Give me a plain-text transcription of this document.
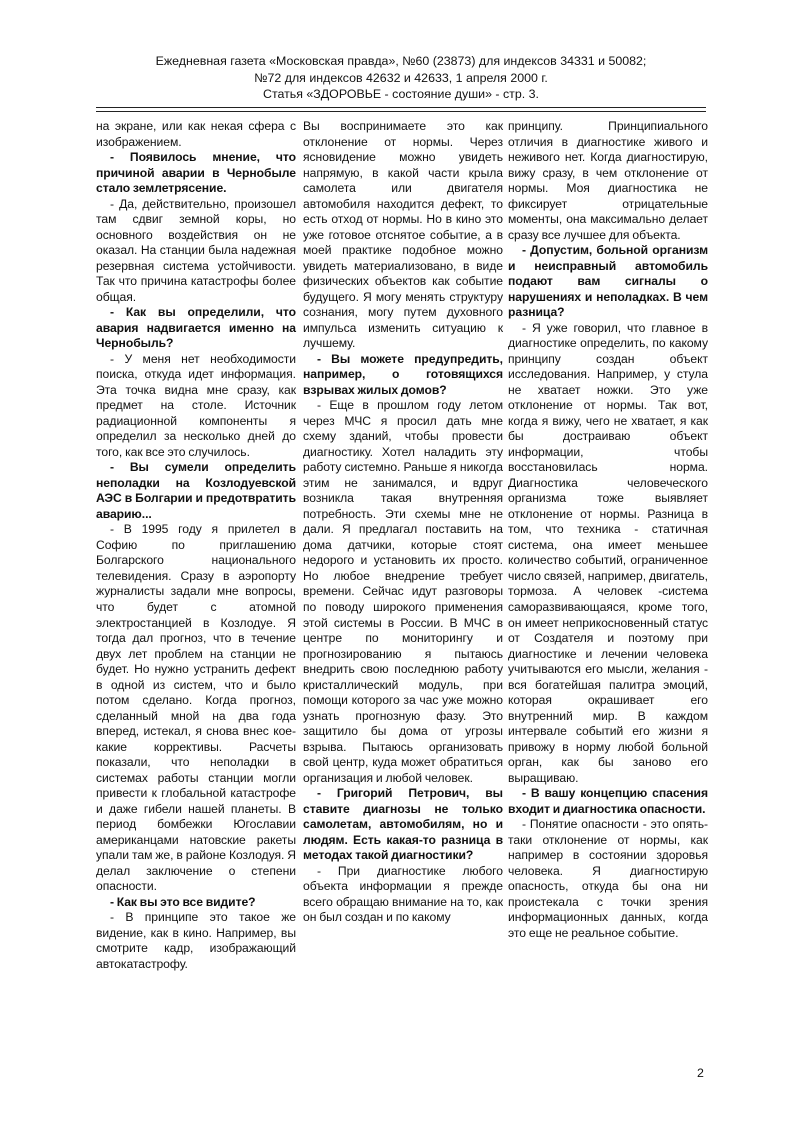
Ежедневная газета «Московская правда», №60 (23873) для индексов 34331 и 50082;
№72 для индексов 42632 и 42633, 1 апреля 2000 г.
Статья «ЗДОРОВЬЕ - состояние души» - стр. 3.

на экране, или как некая сфера с изображением.

- Появилось мнение, что причиной аварии в Чернобыле стало землетрясение.

- Да, действительно, произошел там сдвиг земной коры, но основного воздействия он не оказал. На станции была надежная резервная система устойчивости. Так что причина катастрофы более общая.

- Как вы определили, что авария надвигается именно на Чернобыль?

- У меня нет необходимости поиска, откуда идет информация. Эта точка видна мне сразу, как предмет на столе. Источник радиационной компоненты я определил за несколько дней до того, как все это случилось.

- Вы сумели определить неполадки на Козлодуевской АЭС в Болгарии и предотвратить аварию...

- В 1995 году я прилетел в Софию по приглашению Болгарского национального телевидения. Сразу в аэропорту журналисты задали мне вопросы, что будет с атомной электростанцией в Козлодуе. Я тогда дал прогноз, что в течение двух лет проблем на станции не будет. Но нужно устранить дефект в одной из систем, что и было потом сделано. Когда прогноз, сделанный мной на два года вперед, истекал, я снова внес кое-какие коррективы. Расчеты показали, что неполадки в системах работы станции могли привести к глобальной катастрофе и даже гибели нашей планеты. В период бомбежки Югославии американцами натовские ракеты упали там же, в районе Козлодуя. Я делал заключение о степени опасности.

- Как вы это все видите?

- В принципе это такое же видение, как в кино. Например, вы смотрите кадр, изображающий автокатастрофу.

Вы воспринимаете это как отклонение от нормы. Через ясновидение можно увидеть напрямую, в какой части крыла самолета или двигателя автомобиля находится дефект, то есть отход от нормы. Но в кино это уже готовое отснятое событие, а в моей практике подобное можно увидеть материализовано, в виде физических объектов как событие будущего. Я могу менять структуру сознания, могу путем духовного импульса изменить ситуацию к лучшему.

- Вы можете предупредить, например, о готовящихся взрывах жилых домов?

- Еще в прошлом году летом через МЧС я просил дать мне схему зданий, чтобы провести диагностику. Хотел наладить эту работу системно. Раньше я никогда этим не занимался, и вдруг возникла такая внутренняя потребность. Эти схемы мне не дали. Я предлагал поставить на дома датчики, которые стоят недорого и установить их просто. Но любое внедрение требует времени. Сейчас идут разговоры по поводу широкого применения этой системы в России. В МЧС в центре по мониторингу и прогнозированию я пытаюсь внедрить свою последнюю работу кристаллический модуль, при помощи которого за час уже можно узнать прогнозную фазу. Это защитило бы дома от угрозы взрыва. Пытаюсь организовать свой центр, куда может обратиться организация и любой человек.

- Григорий Петрович, вы ставите диагнозы не только самолетам, автомобилям, но и людям. Есть какая-то разница в методах такой диагностики?

- При диагностике любого объекта информации я прежде всего обращаю внимание на то, как он был создан и по какому

принципу. Принципиального отличия в диагностике живого и неживого нет. Когда диагностирую, вижу сразу, в чем отклонение от нормы. Моя диагностика не фиксирует отрицательные моменты, она максимально делает сразу все лучшее для объекта.

- Допустим, больной организм и неисправный автомобиль подают вам сигналы о нарушениях и неполадках. В чем разница?

- Я уже говорил, что главное в диагностике определить, по какому принципу создан объект исследования. Например, у стула не хватает ножки. Это уже отклонение от нормы. Так вот, когда я вижу, чего не хватает, я как бы достраиваю объект информации, чтобы восстановилась норма. Диагностика человеческого организма тоже выявляет отклонение от нормы. Разница в том, что техника - статичная система, она имеет меньшее количество событий, ограниченное число связей, например, двигатель, тормоза. А человек -система саморазвивающаяся, кроме того, он имеет неприкосновенный статус от Создателя и поэтому при диагностике и лечении человека учитываются его мысли, желания - вся богатейшая палитра эмоций, которая окрашивает его внутренний мир. В каждом интервале событий его жизни я привожу в норму любой больной орган, как бы заново его выращиваю.

- В вашу концепцию спасения входит и диагностика опасности.

- Понятие опасности - это опять-таки отклонение от нормы, как например в состоянии здоровья человека. Я диагностирую опасность, откуда бы она ни проистекала с точки зрения информационных данных, когда это еще не реальное событие.

2
